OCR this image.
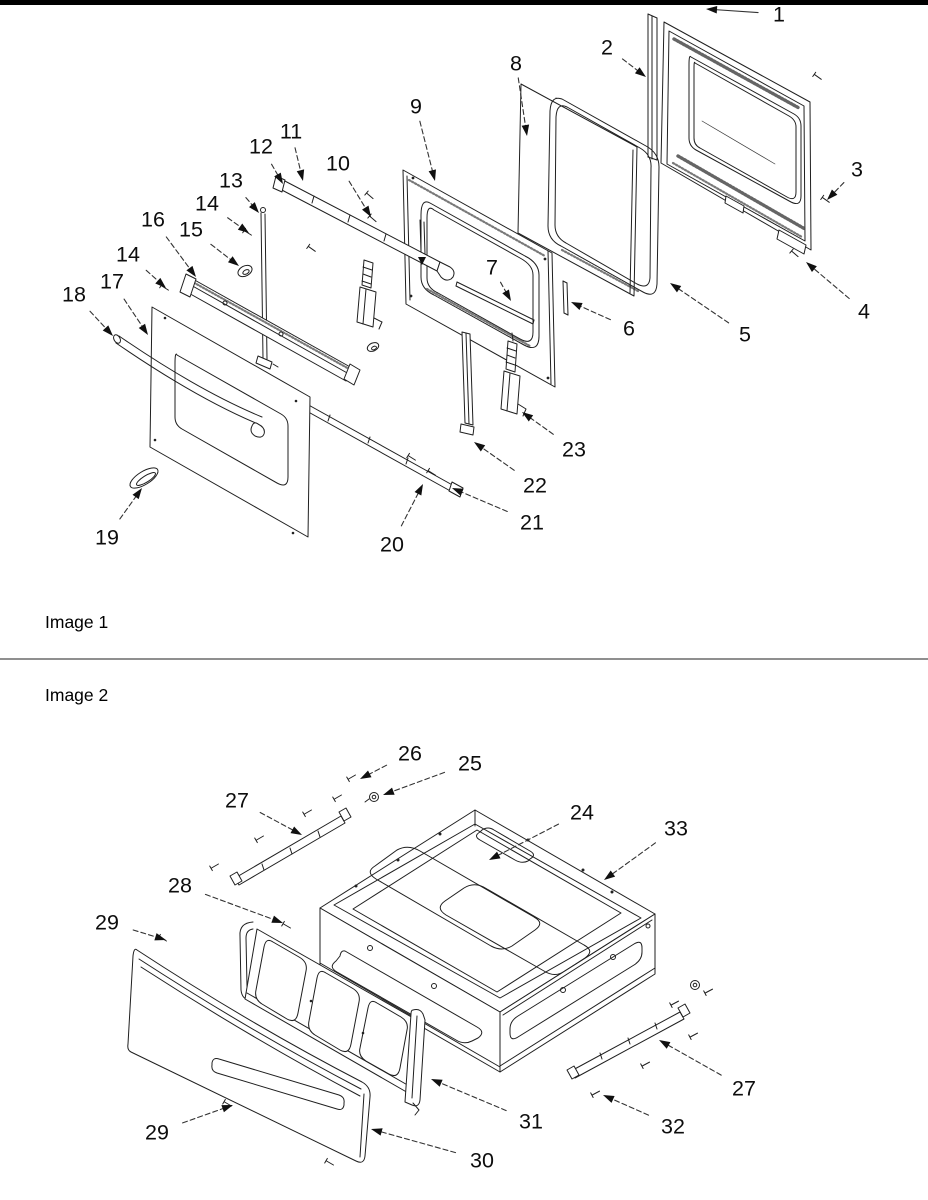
Image 1
Image 2
1
2
8
9
11
12
10	3
13
14
16 15
14
7
17
18
4
6	5
23
22
21
20
19
26 25
27	24
33
28
29
31
30
29
27
32
